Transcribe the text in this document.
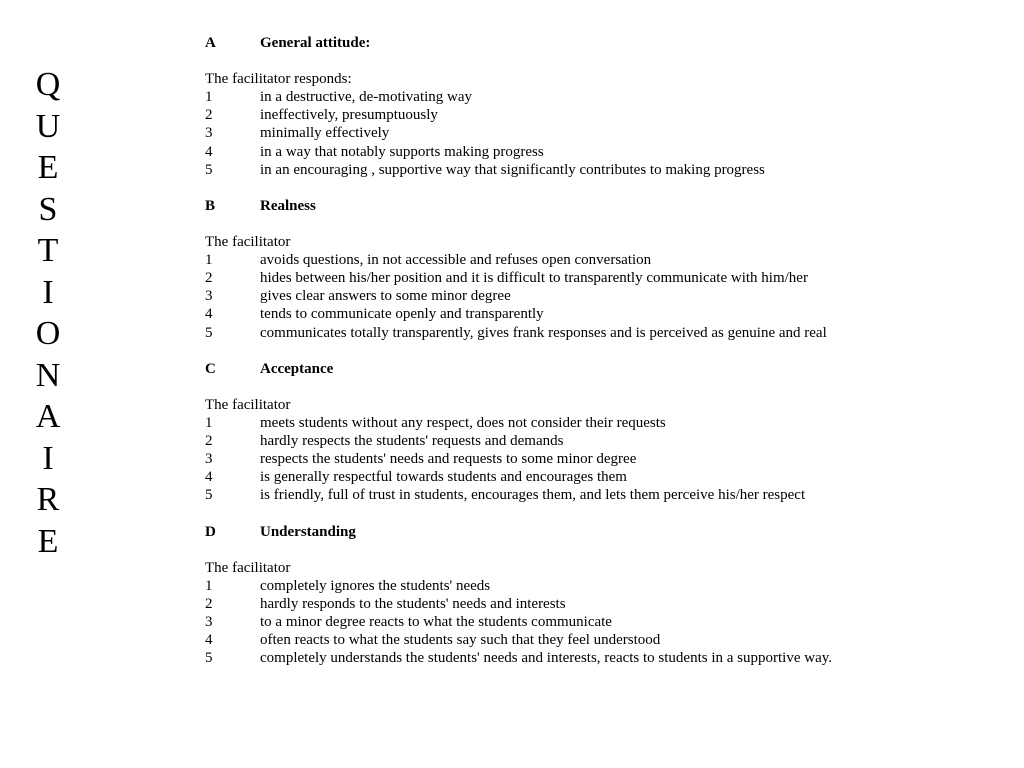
Q
U
E
S
T
I
O
N
A
I
R
E
A	General attitude:
The facilitator responds:
1	in a destructive, de-motivating way
2	ineffectively, presumptuously
3	minimally effectively
4	in a way that notably supports making progress
5	in an encouraging , supportive way that significantly contributes to making progress
B	Realness
The facilitator
1	avoids questions, in not accessible and refuses open conversation
2	hides between his/her position and it is difficult to transparently communicate with him/her
3	gives clear answers to some minor degree
4	tends to communicate openly and transparently
5	communicates totally transparently, gives frank responses and is perceived as genuine and real
C	Acceptance
The facilitator
1	meets students without any respect, does not consider their requests
2	hardly respects the students' requests and demands
3	respects the students' needs and requests to some minor degree
4	is generally respectful towards students and encourages them
5	is friendly, full of trust in students, encourages them, and lets them perceive his/her respect
D	Understanding
The facilitator
1	completely ignores the students' needs
2	hardly responds to the students' needs and interests
3	to a minor degree reacts to what the students communicate
4	often reacts to what the students say such that they feel understood
5	completely understands the students' needs and interests, reacts to students in a supportive way.
